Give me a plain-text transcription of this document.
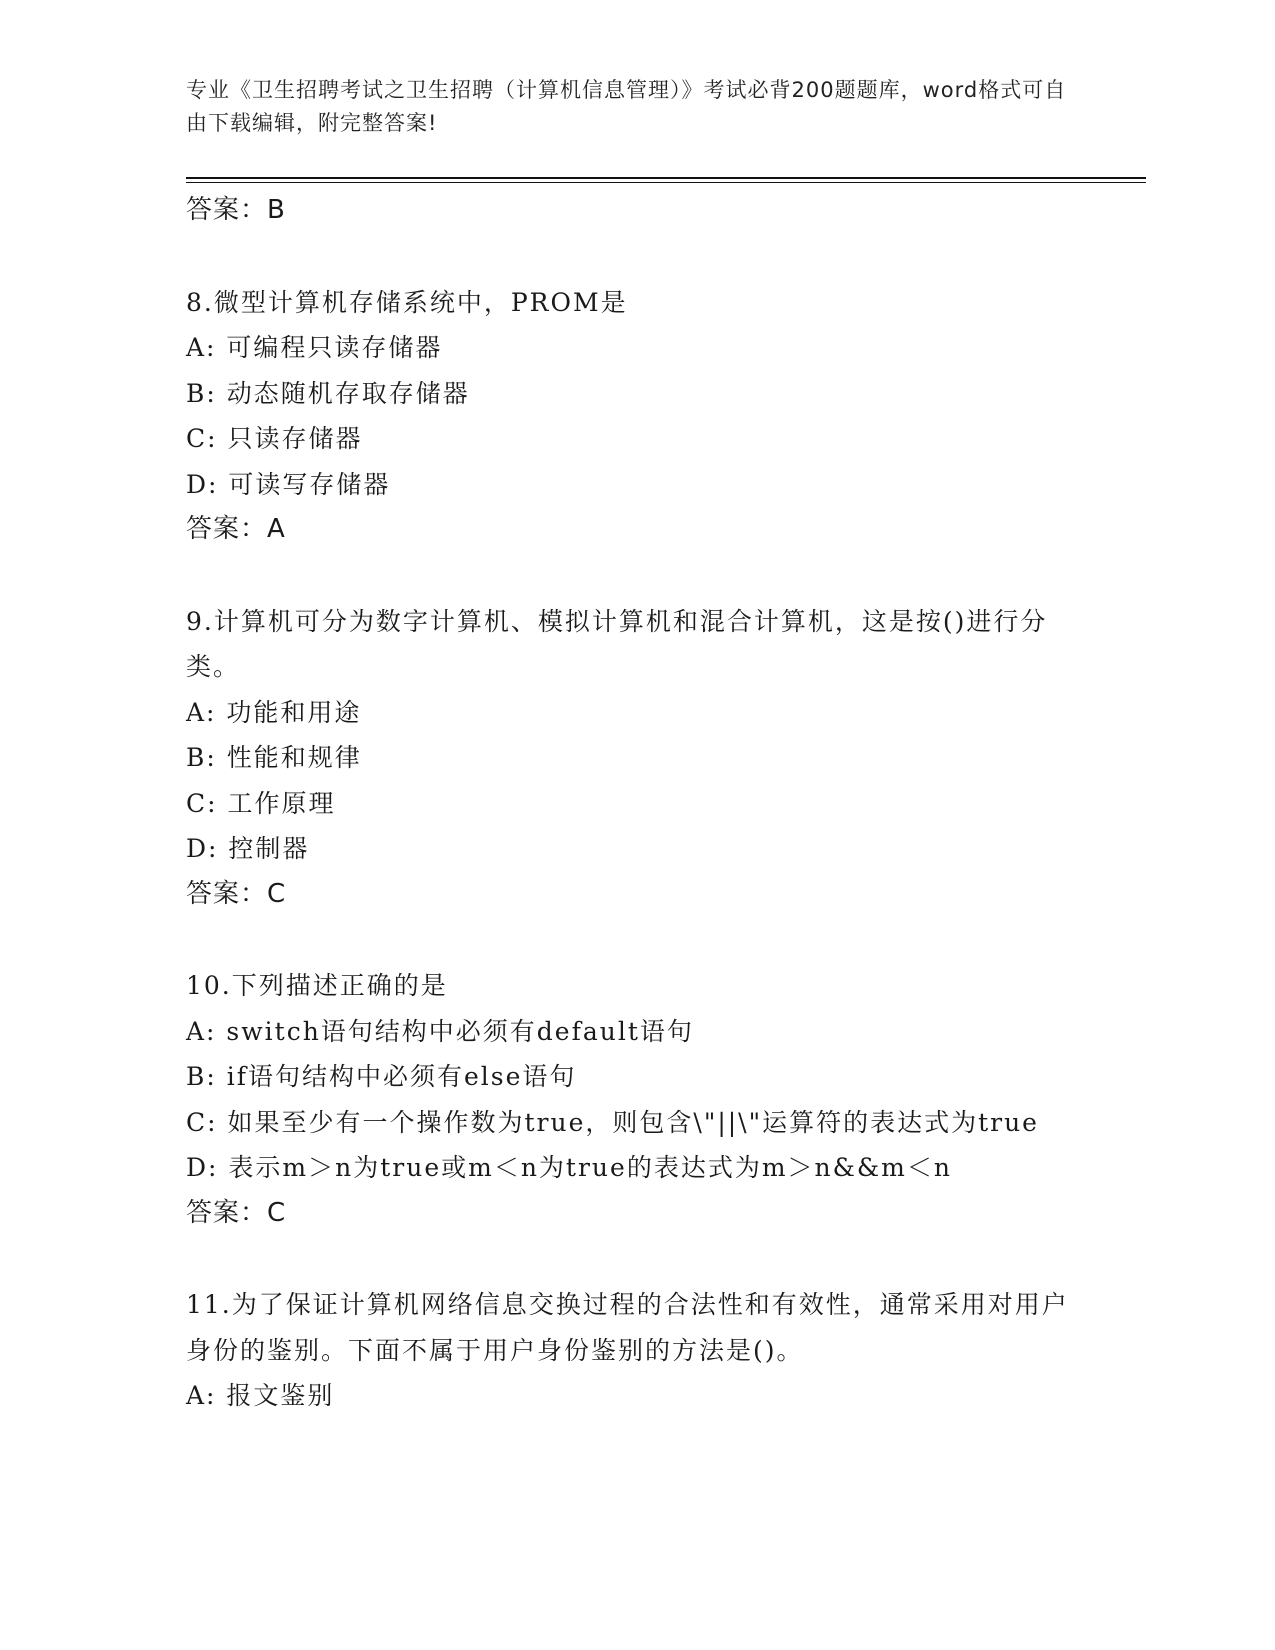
专业《卫生招聘考试之卫生招聘（计算机信息管理）》考试必背200题题库，word格式可自由下载编辑，附完整答案!
答案：B
8.微型计算机存储系统中，PROM是
A: 可编程只读存储器
B: 动态随机存取存储器
C: 只读存储器
D: 可读写存储器
答案：A
9.计算机可分为数字计算机、模拟计算机和混合计算机，这是按()进行分类。
A: 功能和用途
B: 性能和规律
C: 工作原理
D: 控制器
答案：C
10.下列描述正确的是
A: switch语句结构中必须有default语句
B: if语句结构中必须有else语句
C: 如果至少有一个操作数为true，则包含\"||\"运算符的表达式为true
D: 表示m＞n为true或m＜n为true的表达式为m＞n&&m＜n
答案：C
11.为了保证计算机网络信息交换过程的合法性和有效性，通常采用对用户身份的鉴别。下面不属于用户身份鉴别的方法是()。
A: 报文鉴别
